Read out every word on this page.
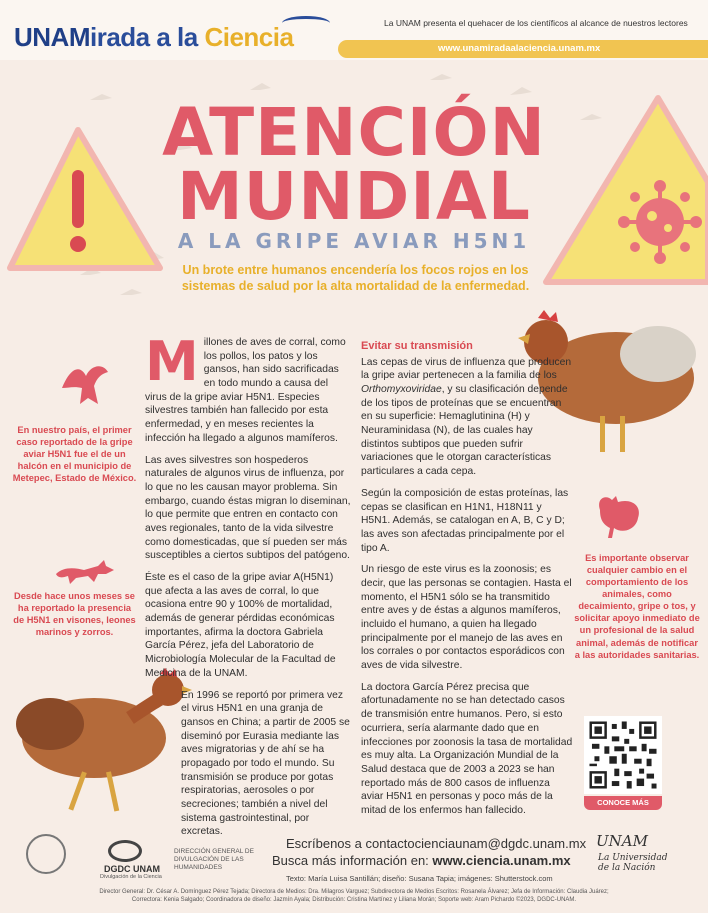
UNAMirada a la Ciencia	La UNAM presenta el quehacer de los científicos al alcance de nuestros lectores
www.unamiradaalaciencia.unam.mx
ATENCIÓN
MUNDIAL
A LA GRIPE AVIAR H5N1
Un brote entre humanos encendería los focos rojos en los sistemas de salud por la alta mortalidad de la enfermedad.

Millones de aves de corral, como los pollos, los patos y los gansos, han sido sacrificadas en todo mundo a causa del virus de la gripe aviar H5N1. Especies silvestres también han fallecido por esta enfermedad, y en meses recientes la infección ha llegado a algunos mamíferos.

Las aves silvestres son hospederos naturales de algunos virus de influenza, por lo que no les causan mayor problema. Sin embargo, cuando éstas migran lo diseminan, lo que permite que entren en contacto con aves regionales, tanto de la vida silvestre como domesticadas, que sí pueden ser más susceptibles a ciertos subtipos del patógeno.

Éste es el caso de la gripe aviar A(H5N1) que afecta a las aves de corral, lo que ocasiona entre 90 y 100% de mortalidad, además de generar pérdidas económicas importantes, afirma la doctora Gabriela García Pérez, jefa del Laboratorio de Microbiología Molecular de la Facultad de Medicina de la UNAM.

En 1996 se reportó por primera vez el virus H5N1 en una granja de gansos en China; a partir de 2005 se diseminó por Eurasia mediante las aves migratorias y de ahí se ha propagado por todo el mundo. Su transmisión se produce por gotas respiratorias, aerosoles o por secreciones; también a nivel del sistema gastrointestinal, por excretas.

Evitar su transmisión

Las cepas de virus de influenza que producen la gripe aviar pertenecen a la familia de los Orthomyxoviridae, y su clasificación depende de los tipos de proteínas que se encuentran en su superficie: Hemaglutinina (H) y Neuraminidasa (N), de las cuales hay distintos subtipos que pueden sufrir variaciones que le otorgan características particulares a cada cepa.

Según la composición de estas proteínas, las cepas se clasifican en H1N1, H18N11 y H5N1. Además, se catalogan en A, B, C y D; las aves son afectadas principalmente por el tipo A.

Un riesgo de este virus es la zoonosis; es decir, que las personas se contagien. Hasta el momento, el H5N1 sólo se ha transmitido entre aves y de éstas a algunos mamíferos, incluido el humano, a quien ha llegado principalmente por el manejo de las aves en los corrales o por contactos esporádicos con aves de vida silvestre.

La doctora García Pérez precisa que afortunadamente no se han detectado casos de transmisión entre humanos. Pero, si esto ocurriera, sería alarmante dado que en infecciones por zoonosis la tasa de mortalidad es muy alta. La Organización Mundial de la Salud destaca que de 2003 a 2023 se han reportado más de 800 casos de influenza aviar H5N1 en personas y poco más de la mitad de los enfermos han fallecido.

En nuestro país, el primer caso reportado de la gripe aviar H5N1 fue el de un halcón en el municipio de Metepec, Estado de México.
Desde hace unos meses se ha reportado la presencia de H5N1 en visones, leones marinos y zorros.
Es importante observar cualquier cambio en el comportamiento de los animales, como decaimiento, gripe o tos, y solicitar apoyo inmediato de un profesional de la salud animal, además de notificar a las autoridades sanitarias.
CONOCE MÁS
DGDC UNAM
Divulgación de la Ciencia
DIRECCIÓN GENERAL DE DIVULGACIÓN DE LAS HUMANIDADES
Escríbenos a contactocienciaunam@dgdc.unam.mx
Busca más información en: www.ciencia.unam.mx
Texto: María Luisa Santillán; diseño: Susana Tapia; imágenes: Shutterstock.com
Director General: Dr. César A. Domínguez Pérez Tejada; Directora de Medios: Dra. Milagros Varguez; Subdirectora de Medios Escritos: Rosanela Álvarez; Jefa de Información: Claudia Juárez;
Correctora: Kenia Salgado; Coordinadora de diseño: Jazmín Ayala; Distribución: Cristina Martínez y Liliana Morán; Soporte web: Aram Pichardo ©2023, DGDC-UNAM.
UNAM
La Universidad de la Nación
